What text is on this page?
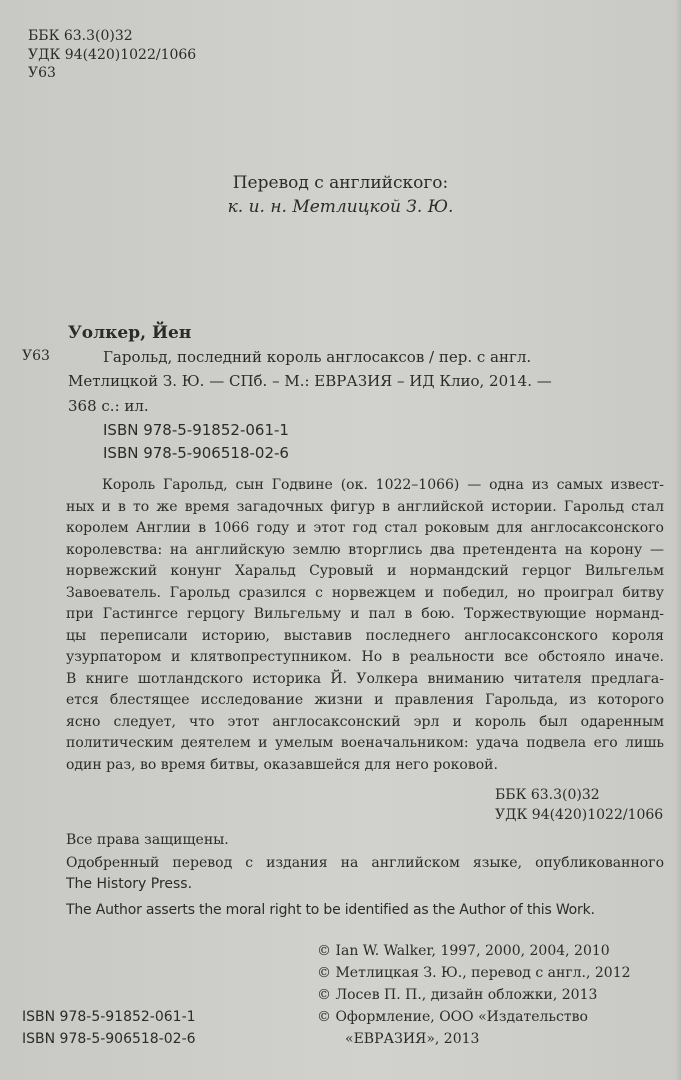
ББК 63.3(0)32
УДК 94(420)1022/1066
У63
Перевод с английского:
к. и. н. Метлицкой З. Ю.
Уолкер, Йен
У63	Гарольд, последний король англосаксов / пер. с англ.
Метлицкой З. Ю. — СПб. – М.: ЕВРАЗИЯ – ИД Клио, 2014. —
368 с.: ил.
ISBN 978-5-91852-061-1
ISBN 978-5-906518-02-6
Король Гарольд, сын Годвине (ок. 1022–1066) — одна из самых извест-
ных и в то же время загадочных фигур в английской истории. Гарольд стал
королем Англии в 1066 году и этот год стал роковым для англосаксонского
королевства: на английскую землю вторглись два претендента на корону —
норвежский конунг Харальд Суровый и нормандский герцог Вильгельм
Завоеватель. Гарольд сразился с норвежцем и победил, но проиграл битву
при Гастингсе герцогу Вильгельму и пал в бою. Торжествующие норманд-
цы переписали историю, выставив последнего англосаксонского короля
узурпатором и клятвопреступником. Но в реальности все обстояло иначе.
В книге шотландского историка Й. Уолкера вниманию читателя предлага-
ется блестящее исследование жизни и правления Гарольда, из которого
ясно следует, что этот англосаксонский эрл и король был одаренным
политическим деятелем и умелым военачальником: удача подвела его лишь
один раз, во время битвы, оказавшейся для него роковой.
ББК 63.3(0)32
УДК 94(420)1022/1066
Все права защищены.
Одобренный перевод с издания на английском языке, опубликованного
The History Press.
The Author asserts the moral right to be identified as the Author of this Work.
© Ian W. Walker, 1997, 2000, 2004, 2010
© Метлицкая З. Ю., перевод с англ., 2012
© Лосев П. П., дизайн обложки, 2013
© Оформление, ООО «Издательство
«ЕВРАЗИЯ», 2013
ISBN 978-5-91852-061-1
ISBN 978-5-906518-02-6
